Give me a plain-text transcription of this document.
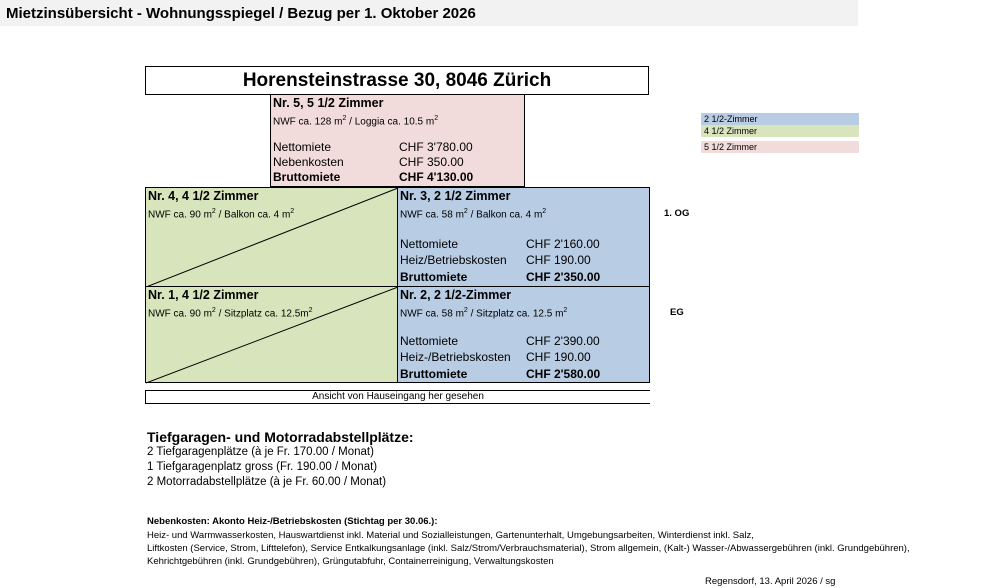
Mietzinsübersicht - Wohnungsspiegel / Bezug per 1. Oktober 2026
Horensteinstrasse 30, 8046 Zürich
Nr. 5, 5 1/2 Zimmer
NWF ca. 128 $m^2$ / Loggia ca. 10.5 $m^2$
Nettomiete	CHF 3'780.00
Nebenkosten	CHF 350.00
Bruttomiete	CHF 4'130.00
Nr. 4, 4 1/2 Zimmer
NWF ca. 90 $m^2$ / Balkon ca. 4 $m^2$
Nr. 3, 2 1/2 Zimmer
NWF ca. 58 $m^2$ / Balkon ca. 4 $m^2$
Nettomiete	CHF 2'160.00
Heiz/Betriebskosten CHF 190.00
Bruttomiete	CHF 2'350.00
Nr. 1, 4 1/2 Zimmer
NWF ca. 90 $m^2$ / Sitzplatz ca. $12.5m^2$
Nr. 2, 2 1/2-Zimmer
NWF ca. 58 $m^2$ / Sitzplatz ca. 12.5 $m^2$
Nettomiete	CHF 2'390.00
Heiz-/Betriebskosten CHF 190.00
Bruttomiete	CHF 2'580.00
1. OG
EG
Ansicht von Hauseingang her gesehen
2 1/2-Zimmer
4 1/2 Zimmer
5 1/2 Zimmer
Tiefgaragen- und Motorradabstellplätze:
2 Tiefgaragenplätze (à je Fr. 170.00 / Monat)
1 Tiefgaragenplatz gross (Fr. 190.00 / Monat)
2 Motorradabstellplätze (à je Fr. 60.00 / Monat)
Nebenkosten: Akonto Heiz-/Betriebskosten (Stichtag per 30.06.):
Heiz- und Warmwasserkosten, Hauswartdienst inkl. Material und Sozialleistungen, Gartenunterhalt, Umgebungsarbeiten, Winterdienst inkl. Salz,
Liftkosten (Service, Strom, Lifttelefon), Service Entkalkungsanlage (inkl. Salz/Strom/Verbrauchsmaterial), Strom allgemein, (Kalt-) Wasser-/Abwassergebühren (inkl. Grundgebühren),
Kehrichtgebühren (inkl. Grundgebühren), Grüngutabfuhr, Containerreinigung, Verwaltungskosten
Regensdorf, 13. April 2026 / sg
